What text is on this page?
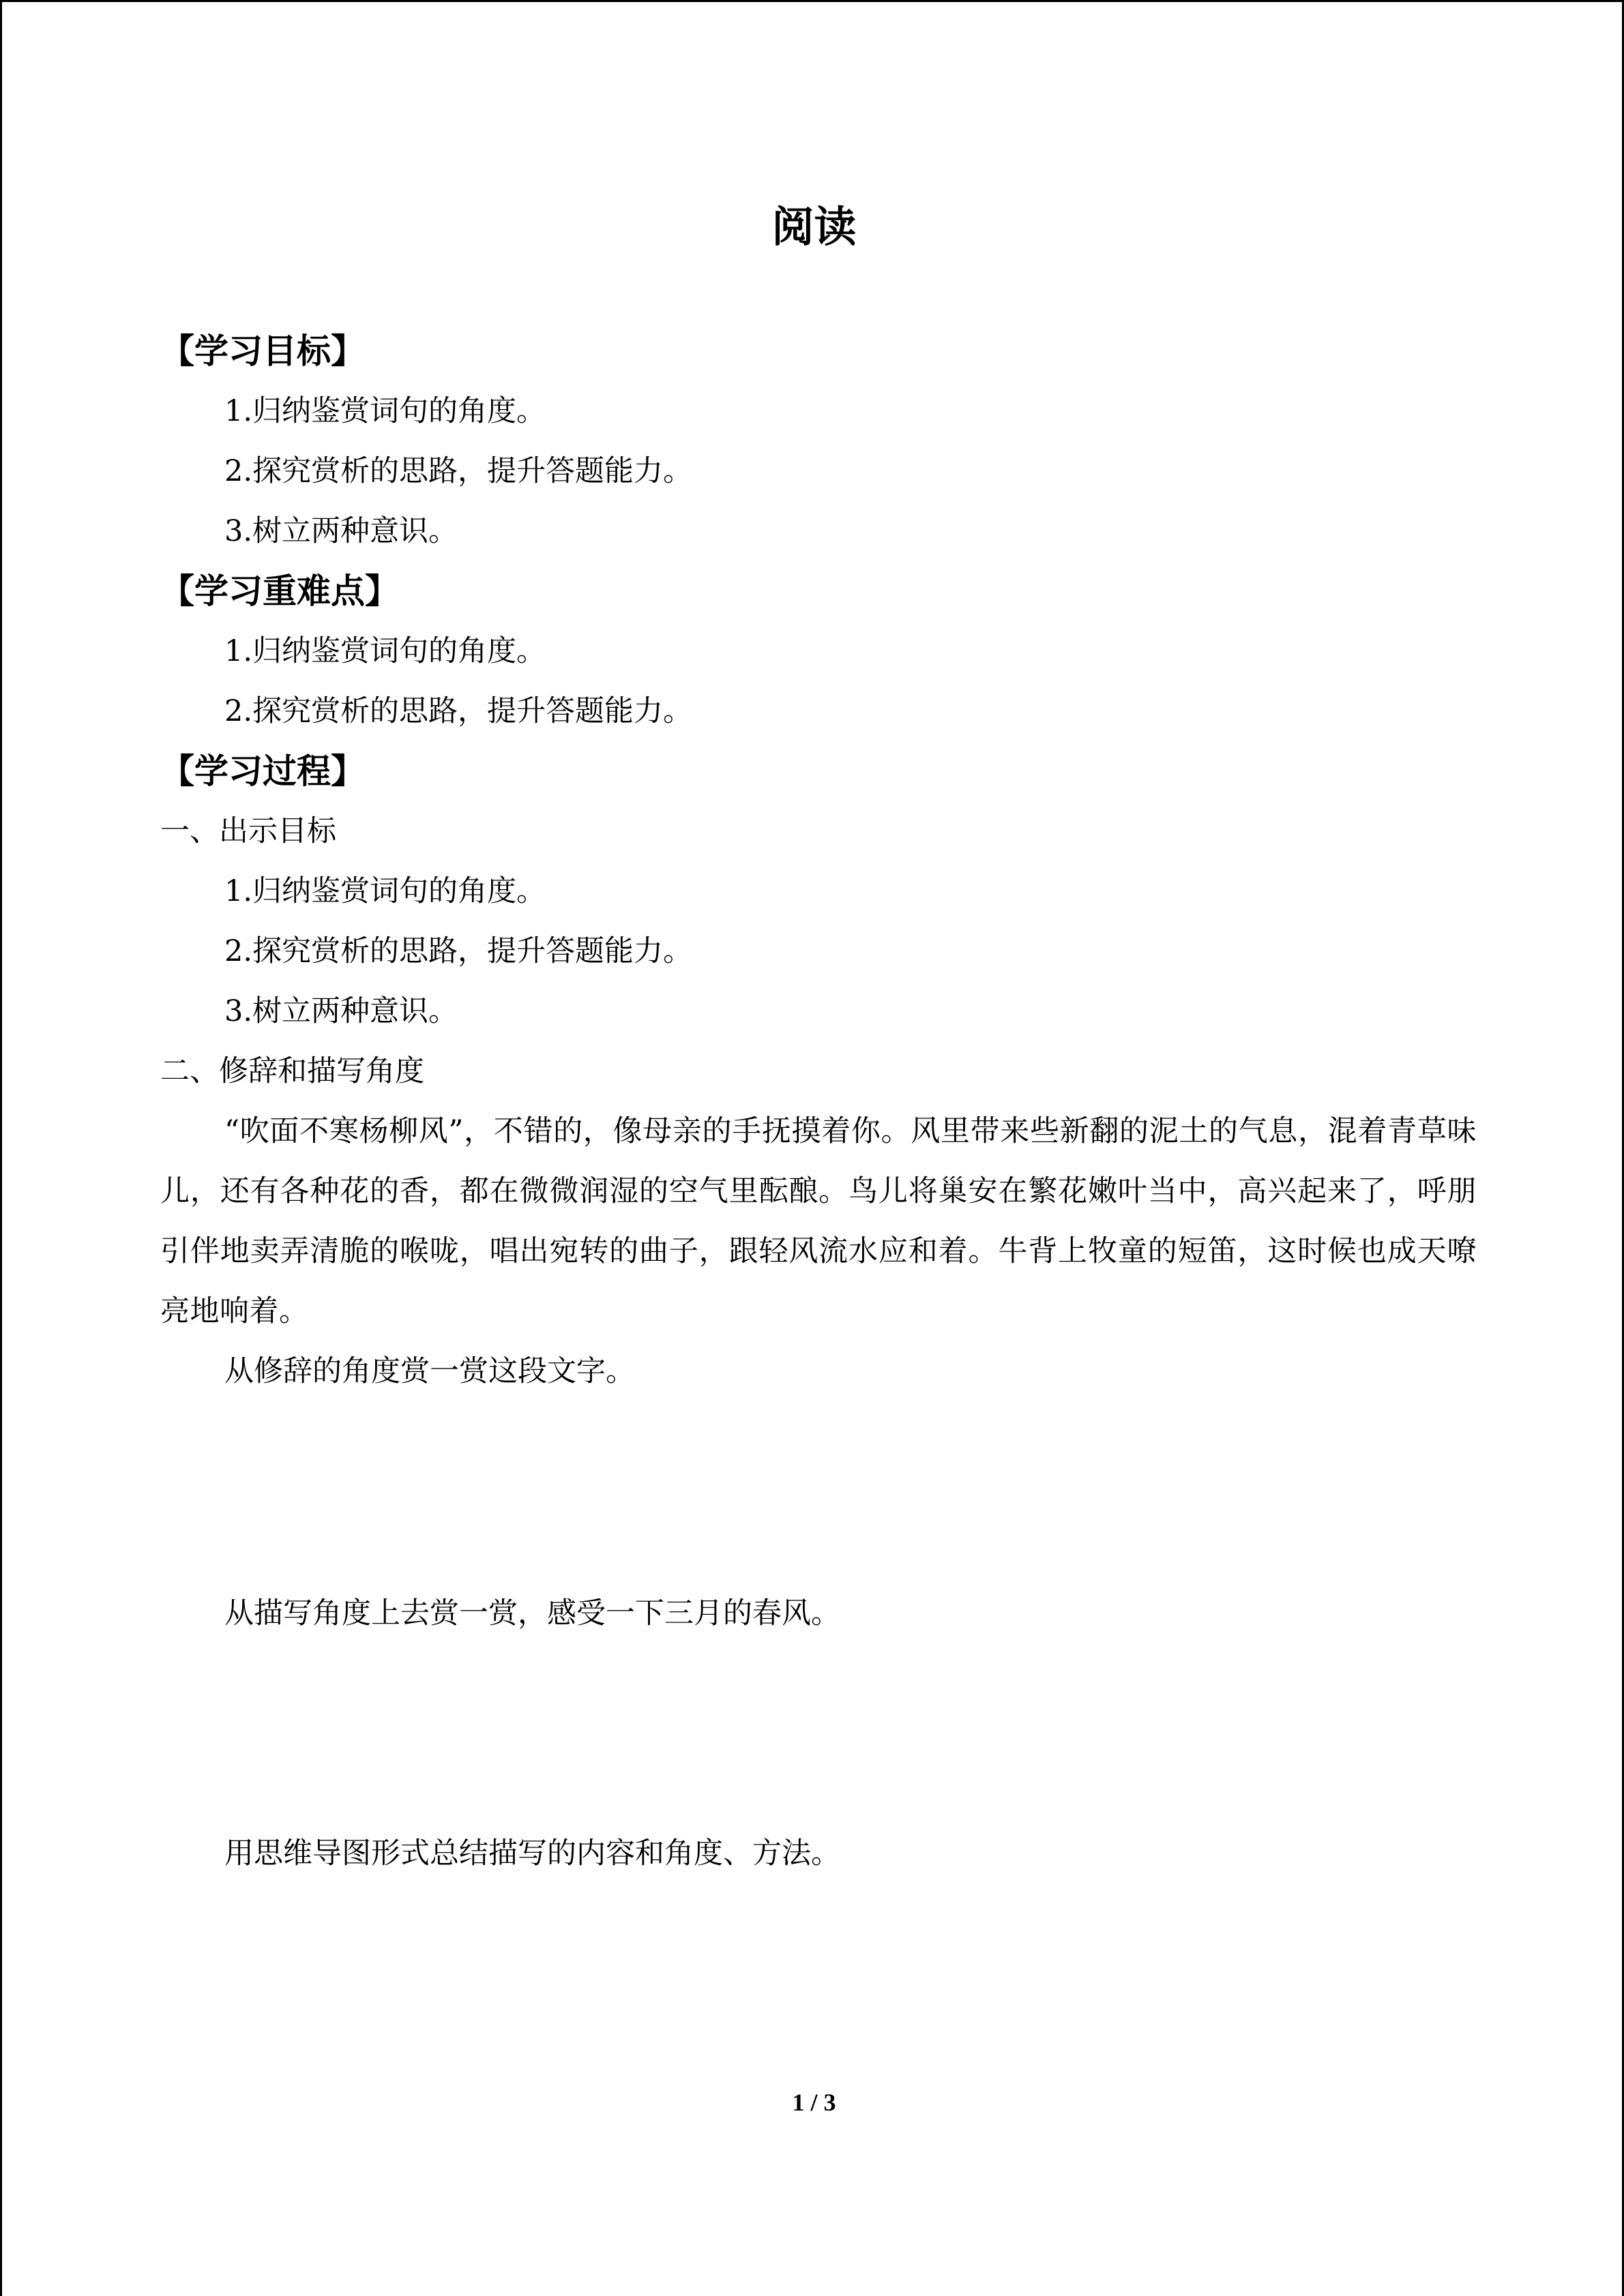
阅读
【学习目标】
1.归纳鉴赏词句的角度。
2.探究赏析的思路，提升答题能力。
3.树立两种意识。
【学习重难点】
1.归纳鉴赏词句的角度。
2.探究赏析的思路，提升答题能力。
【学习过程】
一、出示目标
1.归纳鉴赏词句的角度。
2.探究赏析的思路，提升答题能力。
3.树立两种意识。
二、修辞和描写角度
“吹面不寒杨柳风”，不错的，像母亲的手抚摸着你。风里带来些新翻的泥土的气息，混着青草味儿，还有各种花的香，都在微微润湿的空气里酝酿。鸟儿将巢安在繁花嫩叶当中，高兴起来了，呼朋引伴地卖弄清脆的喉咙，唱出宛转的曲子，跟轻风流水应和着。牛背上牧童的短笛，这时候也成天嘹亮地响着。
从修辞的角度赏一赏这段文字。
从描写角度上去赏一赏，感受一下三月的春风。
用思维导图形式总结描写的内容和角度、方法。
1 / 3
